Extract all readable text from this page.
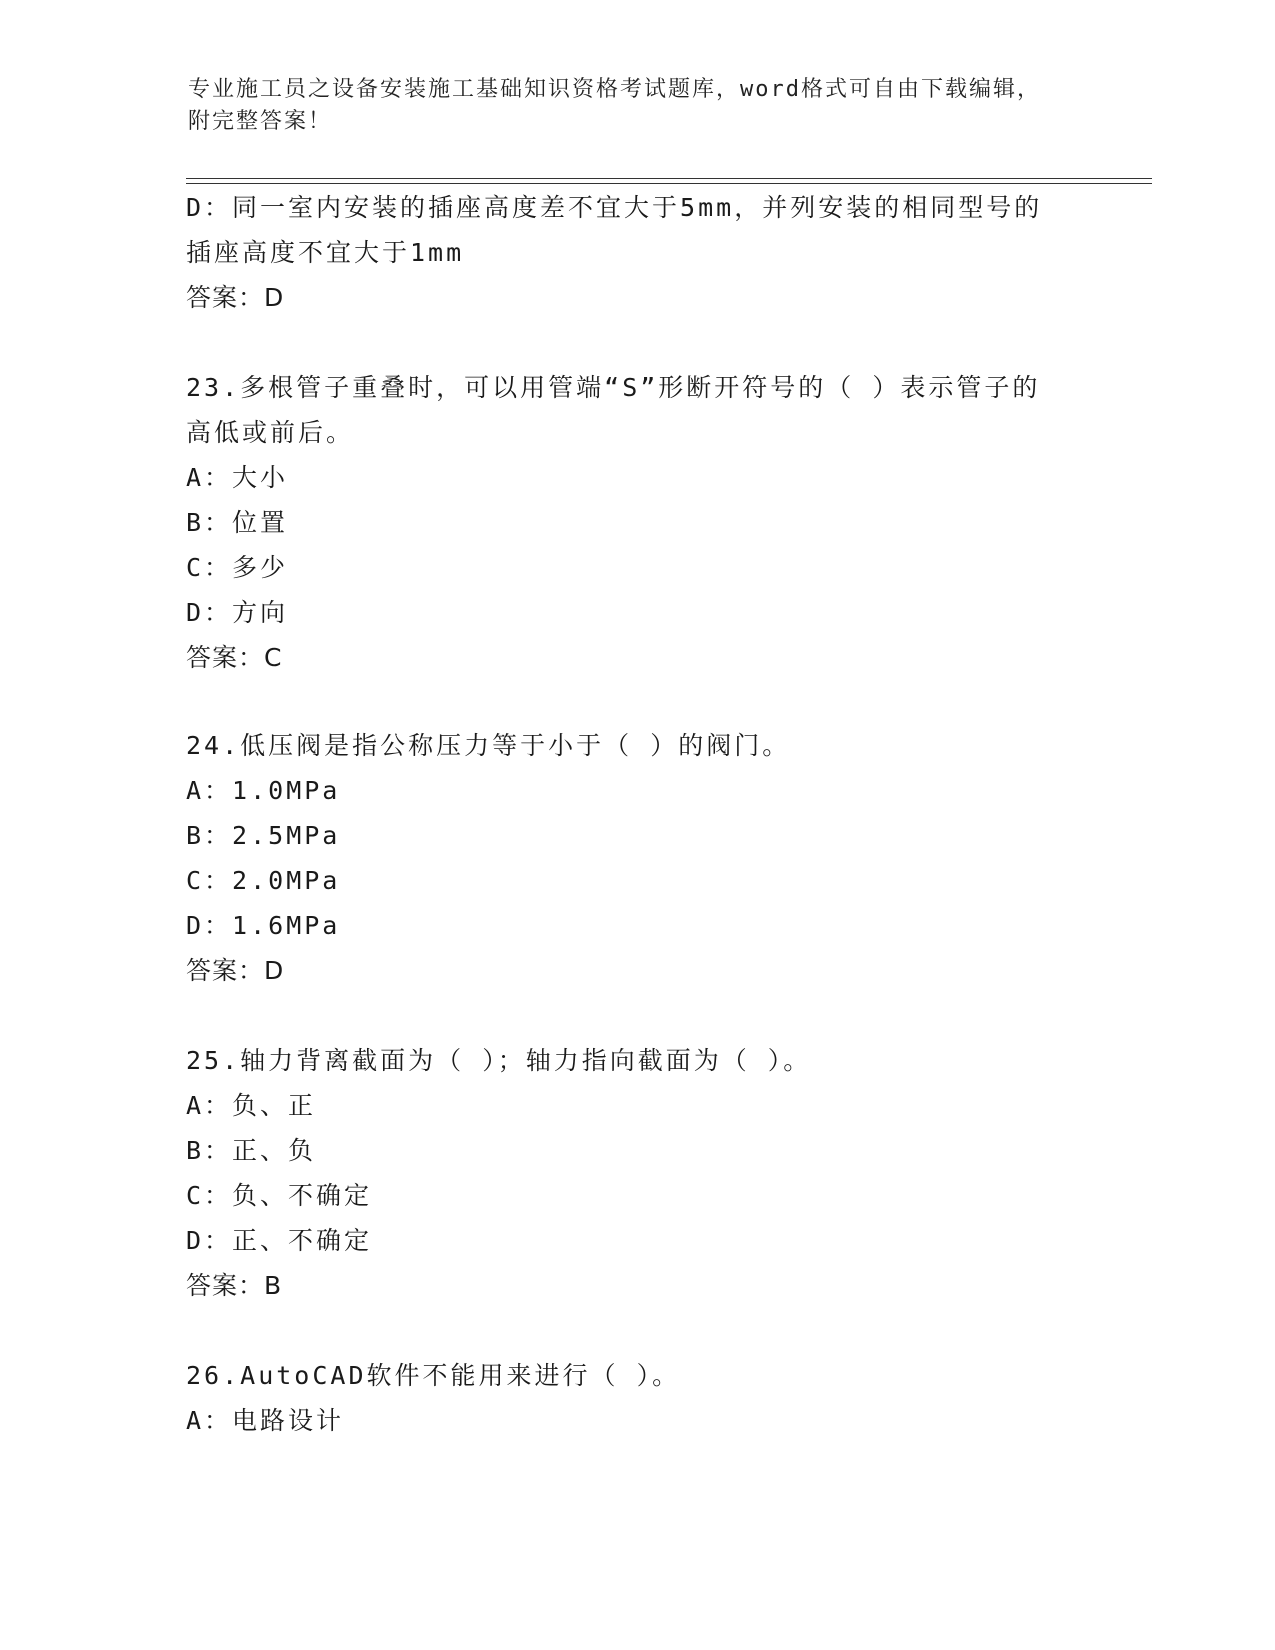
专业施工员之设备安装施工基础知识资格考试题库，word格式可自由下载编辑，
附完整答案！
D：同一室内安装的插座高度差不宜大于5mm，并列安装的相同型号的
插座高度不宜大于1mm
答案：D
23.多根管子重叠时，可以用管端“S”形断开符号的（ ）表示管子的
高低或前后。
A：大小
B：位置
C：多少
D：方向
答案：C
24.低压阀是指公称压力等于小于（ ）的阀门。
A：1.0MPa
B：2.5MPa
C：2.0MPa
D：1.6MPa
答案：D
25.轴力背离截面为（ ）；轴力指向截面为（ ）。
A：负、正
B：正、负
C：负、不确定
D：正、不确定
答案：B
26.AutoCAD软件不能用来进行（ ）。
A：电路设计
